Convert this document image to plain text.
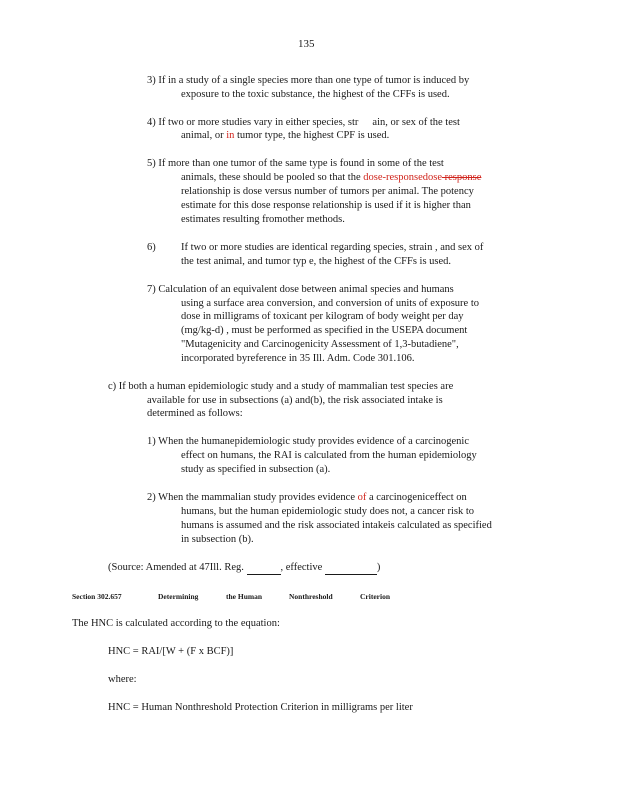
135
3) If in a study of a single species more than one type of tumor is induced by
exposure to the toxic substance, the highest of the CFFs is used.
4) If two or more studies vary in either species, str ain, or sex of the test
animal, or in tumor type, the highest CPF is used.
5) If more than one tumor of the same type is found in some of the test
animals, these should be pooled so that the dose-responsedose response
relationship is dose versus number of tumors per animal. The potency
estimate for this dose response relationship is used if it is higher than
estimates resulting fromother methods.
6) If two or more studies are identical regarding species, strain , and sex of
the test animal, and tumor typ e, the highest of the CFFs is used.
7) Calculation of an equivalent dose between animal species and humans
using a surface area conversion, and conversion of units of exposure to
dose in milligrams of toxicant per kilogram of body weight per day
(mg/kg-d) , must be performed as specified in the USEPA document
"Mutagenicity and Carcinogenicity Assessment of 1,3-butadiene",
incorporated byreference in 35 Ill. Adm. Code 301.106.
c) If both a human epidemiologic study and a study of mammalian test species are
available for use in subsections (a) and(b), the risk associated intake is
determined as follows:
1) When the humanepidemiologic study provides evidence of a carcinogenic
effect on humans, the RAI is calculated from the human epidemiology
study as specified in subsection (a).
2) When the mammalian study provides evidence of a carcinogeniceffect on
humans, but the human epidemiologic study does not, a cancer risk to
humans is assumed and the risk associated intakeis calculated as specified
in subsection (b).
(Source: Amended at 47Ill. Reg.	, effective	)
Section 302.657	Determining	the Human	Nonthreshold	Criterion
The HNC is calculated according to the equation:
HNC = RAI/[W + (F x BCF)]
where:
HNC = Human Nonthreshold Protection Criterion in milligrams per liter
